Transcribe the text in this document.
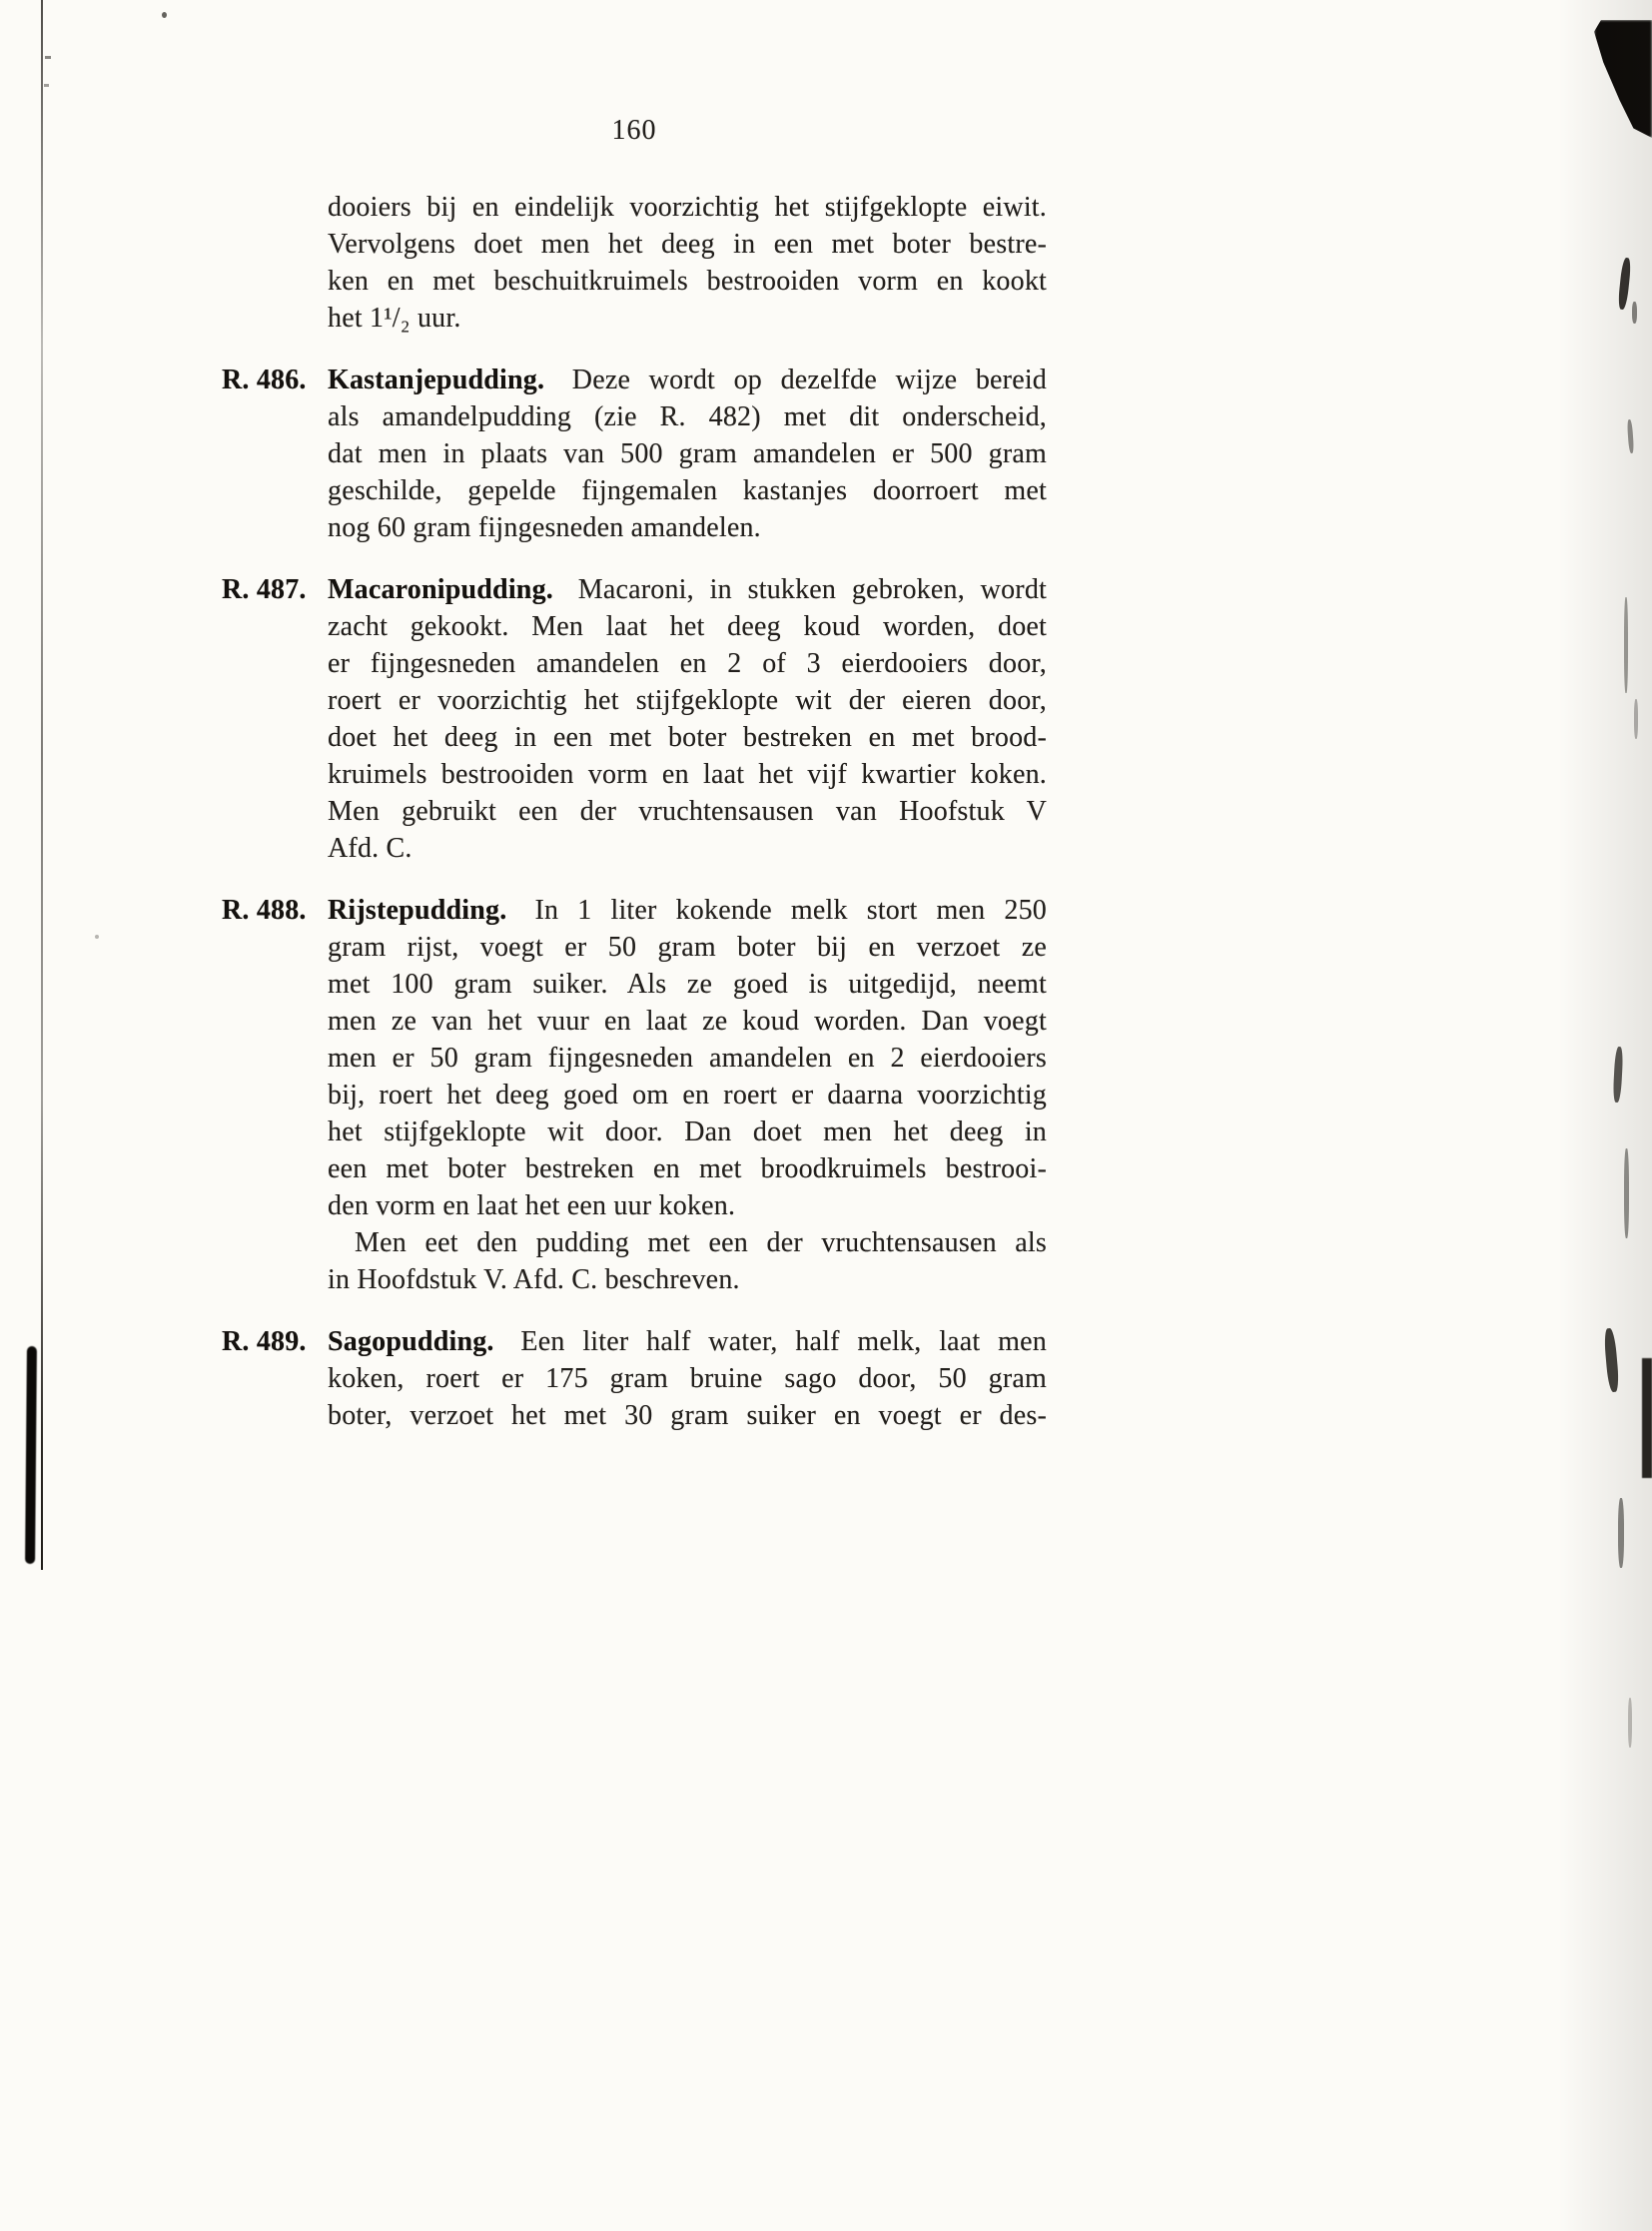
160
dooiers bij en eindelijk voorzichtig het stijfgeklopte eiwit.
Vervolgens doet men het deeg in een met boter bestre-
ken en met beschuitkruimels bestrooiden vorm en kookt
het 1¹/₂ uur.
R. 486. Kastanjepudding. Deze wordt op dezelfde wijze bereid
als amandelpudding (zie R. 482) met dit onderscheid,
dat men in plaats van 500 gram amandelen er 500 gram
geschilde, gepelde fijngemalen kastanjes doorroert met
nog 60 gram fijngesneden amandelen.
R. 487. Macaronipudding. Macaroni, in stukken gebroken, wordt
zacht gekookt. Men laat het deeg koud worden, doet
er fijngesneden amandelen en 2 of 3 eierdooiers door,
roert er voorzichtig het stijfgeklopte wit der eieren door,
doet het deeg in een met boter bestreken en met brood-
kruimels bestrooiden vorm en laat het vijf kwartier koken.
Men gebruikt een der vruchtensausen van Hoofstuk V
Afd. C.
R. 488. Rijstepudding. In 1 liter kokende melk stort men 250
gram rijst, voegt er 50 gram boter bij en verzoet ze
met 100 gram suiker. Als ze goed is uitgedijd, neemt
men ze van het vuur en laat ze koud worden. Dan voegt
men er 50 gram fijngesneden amandelen en 2 eierdooiers
bij, roert het deeg goed om en roert er daarna voorzichtig
het stijfgeklopte wit door. Dan doet men het deeg in
een met boter bestreken en met broodkruimels bestrooi-
den vorm en laat het een uur koken.
Men eet den pudding met een der vruchtensausen als
in Hoofdstuk V. Afd. C. beschreven.
R. 489. Sagopudding. Een liter half water, half melk, laat men
koken, roert er 175 gram bruine sago door, 50 gram
boter, verzoet het met 30 gram suiker en voegt er des-
